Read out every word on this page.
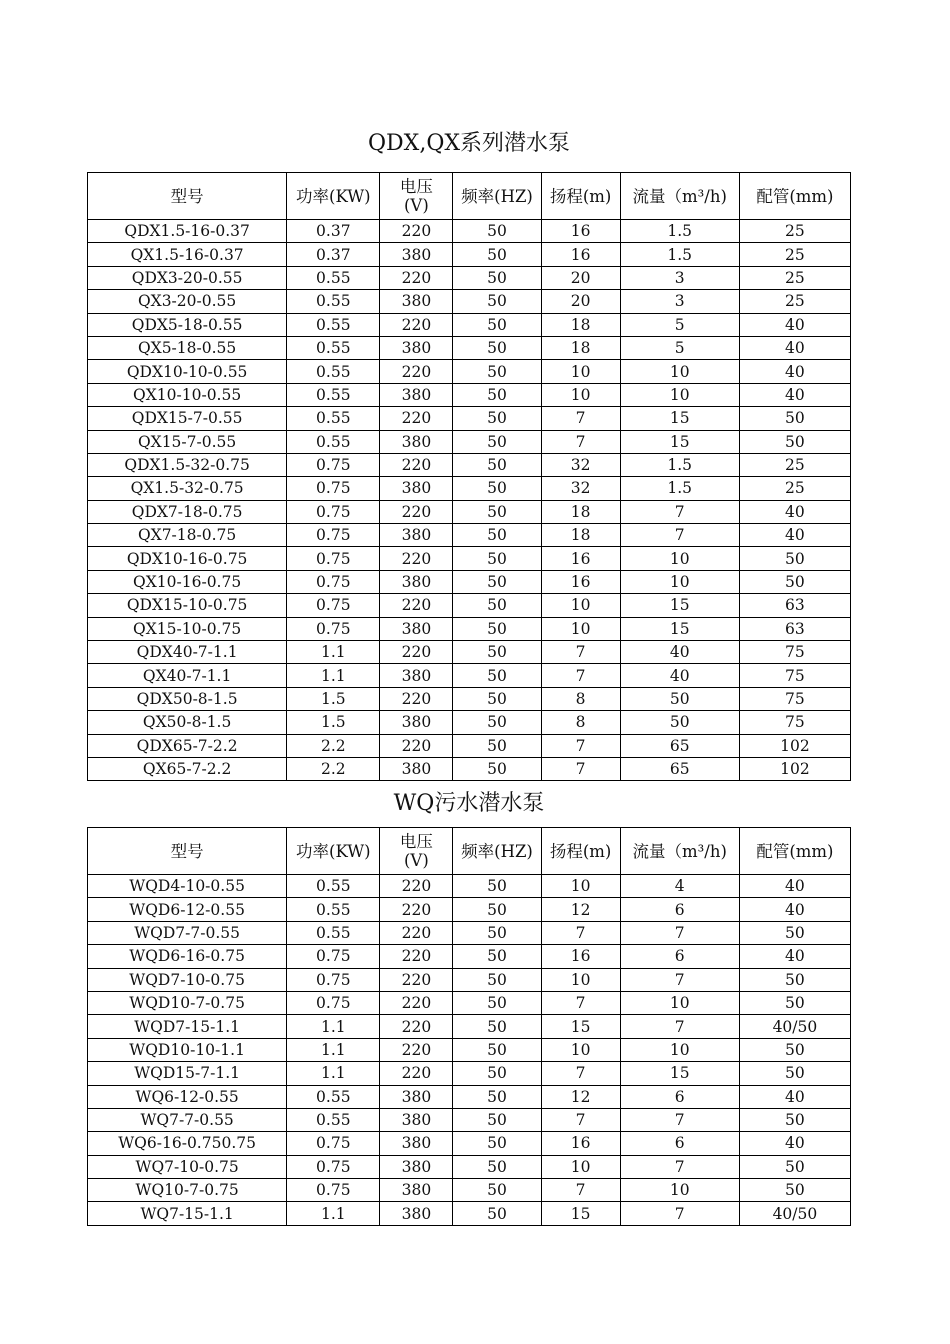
QDX,QX系列潜水泵
型号	功率(KW)	电压(V)	频率(HZ)	扬程(m)	流量（m³/h)	配管(mm)
QDX1.5-16-0.37	0.37	220	50	16	1.5	25
QX1.5-16-0.37	0.37	380	50	16	1.5	25
QDX3-20-0.55	0.55	220	50	20	3	25
QX3-20-0.55	0.55	380	50	20	3	25
QDX5-18-0.55	0.55	220	50	18	5	40
QX5-18-0.55	0.55	380	50	18	5	40
QDX10-10-0.55	0.55	220	50	10	10	40
QX10-10-0.55	0.55	380	50	10	10	40
QDX15-7-0.55	0.55	220	50	7	15	50
QX15-7-0.55	0.55	380	50	7	15	50
QDX1.5-32-0.75	0.75	220	50	32	1.5	25
QX1.5-32-0.75	0.75	380	50	32	1.5	25
QDX7-18-0.75	0.75	220	50	18	7	40
QX7-18-0.75	0.75	380	50	18	7	40
QDX10-16-0.75	0.75	220	50	16	10	50
QX10-16-0.75	0.75	380	50	16	10	50
QDX15-10-0.75	0.75	220	50	10	15	63
QX15-10-0.75	0.75	380	50	10	15	63
QDX40-7-1.1	1.1	220	50	7	40	75
QX40-7-1.1	1.1	380	50	7	40	75
QDX50-8-1.5	1.5	220	50	8	50	75
QX50-8-1.5	1.5	380	50	8	50	75
QDX65-7-2.2	2.2	220	50	7	65	102
QX65-7-2.2	2.2	380	50	7	65	102
WQ污水潜水泵
型号	功率(KW)	电压(V)	频率(HZ)	扬程(m)	流量（m³/h)	配管(mm)
WQD4-10-0.55	0.55	220	50	10	4	40
WQD6-12-0.55	0.55	220	50	12	6	40
WQD7-7-0.55	0.55	220	50	7	7	50
WQD6-16-0.75	0.75	220	50	16	6	40
WQD7-10-0.75	0.75	220	50	10	7	50
WQD10-7-0.75	0.75	220	50	7	10	50
WQD7-15-1.1	1.1	220	50	15	7	40/50
WQD10-10-1.1	1.1	220	50	10	10	50
WQD15-7-1.1	1.1	220	50	7	15	50
WQ6-12-0.55	0.55	380	50	12	6	40
WQ7-7-0.55	0.55	380	50	7	7	50
WQ6-16-0.750.75	0.75	380	50	16	6	40
WQ7-10-0.75	0.75	380	50	10	7	50
WQ10-7-0.75	0.75	380	50	7	10	50
WQ7-15-1.1	1.1	380	50	15	7	40/50
